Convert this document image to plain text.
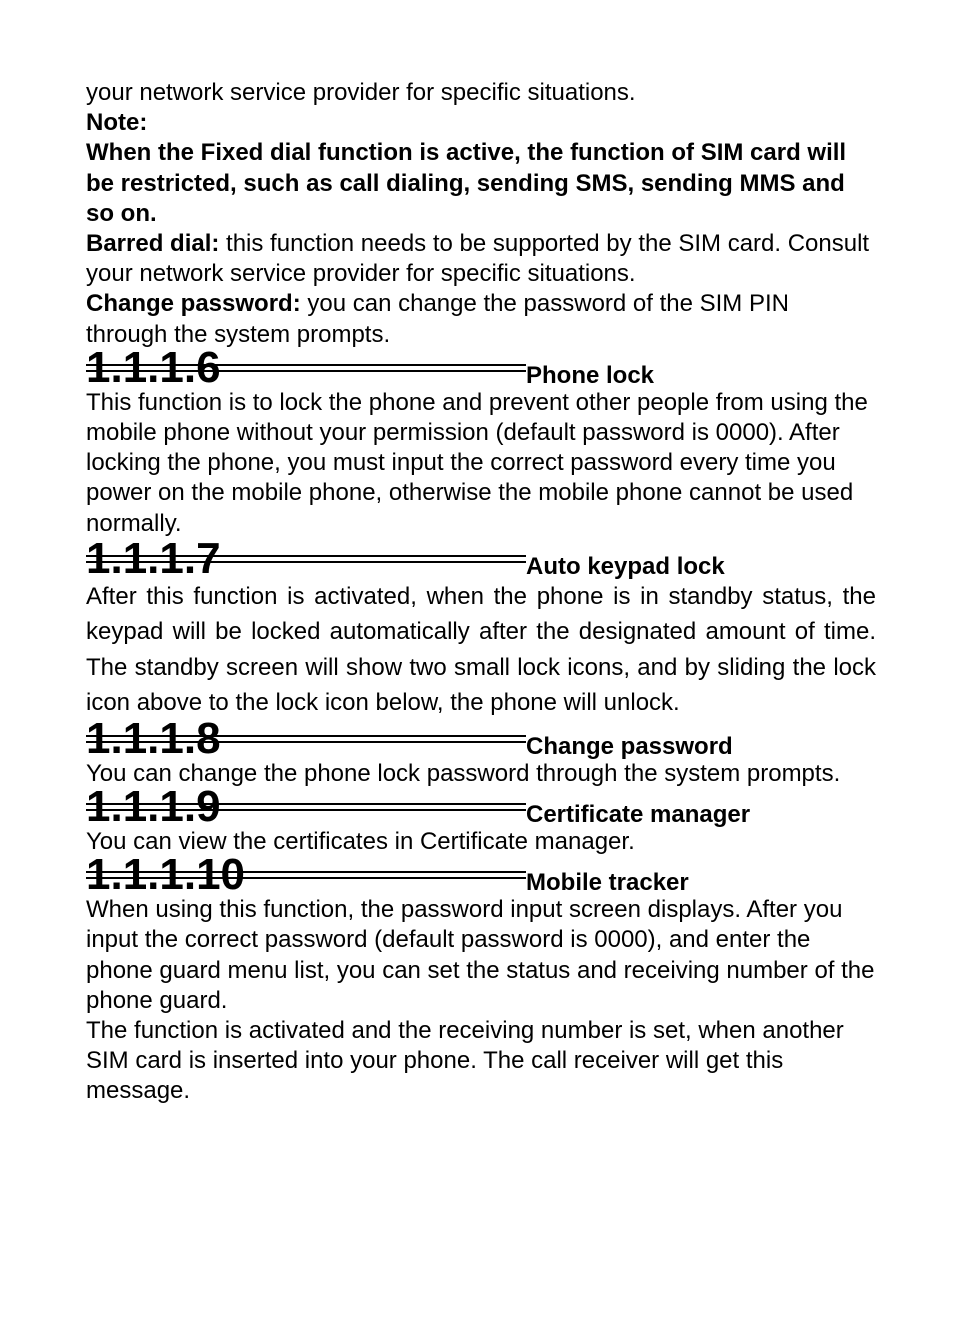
your network service provider for specific situations.

Note:

When the Fixed dial function is active, the function of SIM card will be restricted, such as call dialing, sending SMS, sending MMS and so on.

Barred dial: this function needs to be supported by the SIM card. Consult your network service provider for specific situations.

Change password: you can change the password of the SIM PIN through the system prompts.

1.1.1.6	Phone lock

This function is to lock the phone and prevent other people from using the mobile phone without your permission (default password is 0000). After locking the phone, you must input the correct password every time you power on the mobile phone, otherwise the mobile phone cannot be used normally.

1.1.1.7	Auto keypad lock

After this function is activated, when the phone is in standby status, the keypad will be locked automatically after the designated amount of time. The standby screen will show two small lock icons, and by sliding the lock icon above to the lock icon below, the phone will unlock.

1.1.1.8	Change password

You can change the phone lock password through the system prompts.

1.1.1.9	Certificate manager

You can view the certificates in Certificate manager.

1.1.1.10	Mobile tracker

When using this function, the password input screen displays. After you input the correct password (default password is 0000), and enter the phone guard menu list, you can set the status and receiving number of the phone guard.

The function is activated and the receiving number is set, when another SIM card is inserted into your phone. The call receiver will get this message.
